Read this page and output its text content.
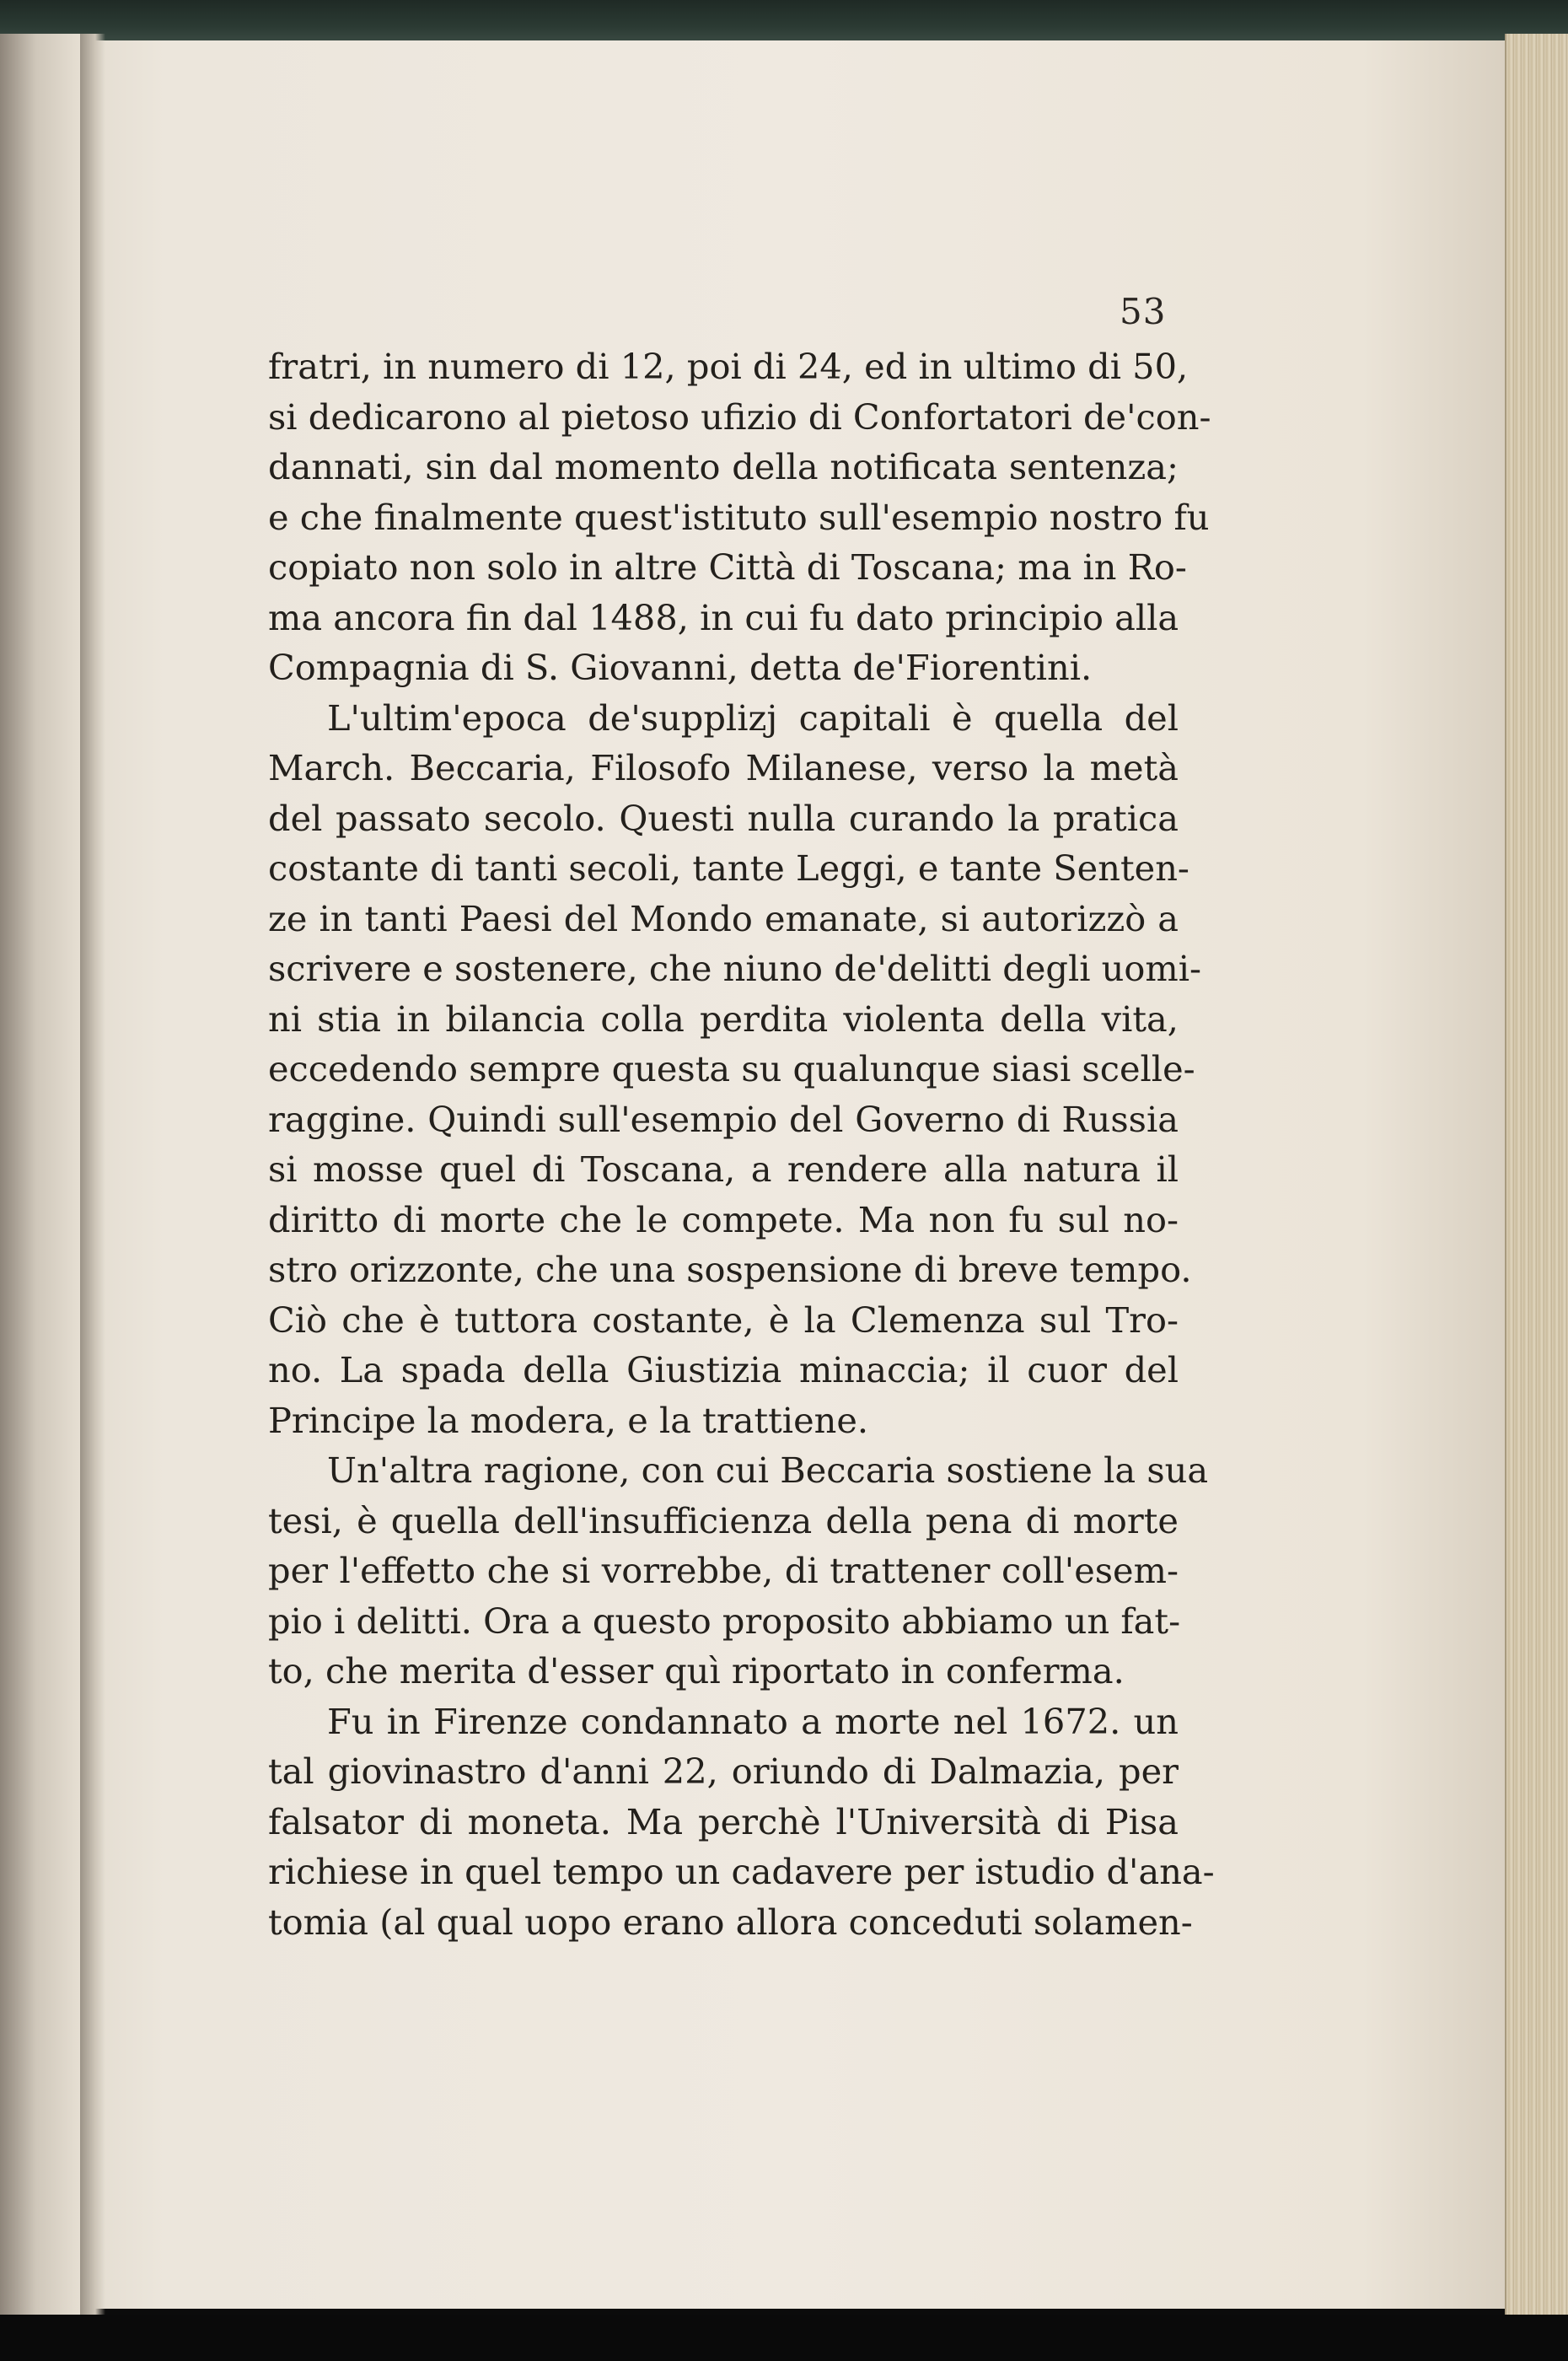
53
fratri, in numero di 12, poi di 24, ed in ultimo di 50,
si dedicarono al pietoso ufizio di Confortatori de'con-
dannati, sin dal momento della notificata sentenza;
e che finalmente quest'istituto sull'esempio nostro fu
copiato non solo in altre Città di Toscana; ma in Ro-
ma ancora fin dal 1488, in cui fu dato principio alla
Compagnia di S. Giovanni, detta de'Fiorentini.
L'ultim'epoca de'supplizj capitali è quella del
March. Beccaria, Filosofo Milanese, verso la metà
del passato secolo. Questi nulla curando la pratica
costante di tanti secoli, tante Leggi, e tante Senten-
ze in tanti Paesi del Mondo emanate, si autorizzò a
scrivere e sostenere, che niuno de'delitti degli uomi-
ni stia in bilancia colla perdita violenta della vita,
eccedendo sempre questa su qualunque siasi scelle-
raggine. Quindi sull'esempio del Governo di Russia
si mosse quel di Toscana, a rendere alla natura il
diritto di morte che le compete. Ma non fu sul no-
stro orizzonte, che una sospensione di breve tempo.
Ciò che è tuttora costante, è la Clemenza sul Tro-
no. La spada della Giustizia minaccia; il cuor del
Principe la modera, e la trattiene.
Un'altra ragione, con cui Beccaria sostiene la sua
tesi, è quella dell'insufficienza della pena di morte
per l'effetto che si vorrebbe, di trattener coll'esem-
pio i delitti. Ora a questo proposito abbiamo un fat-
to, che merita d'esser quì riportato in conferma.
Fu in Firenze condannato a morte nel 1672. un
tal giovinastro d'anni 22, oriundo di Dalmazia, per
falsator di moneta. Ma perchè l'Università di Pisa
richiese in quel tempo un cadavere per istudio d'ana-
tomia (al qual uopo erano allora conceduti solamen-
